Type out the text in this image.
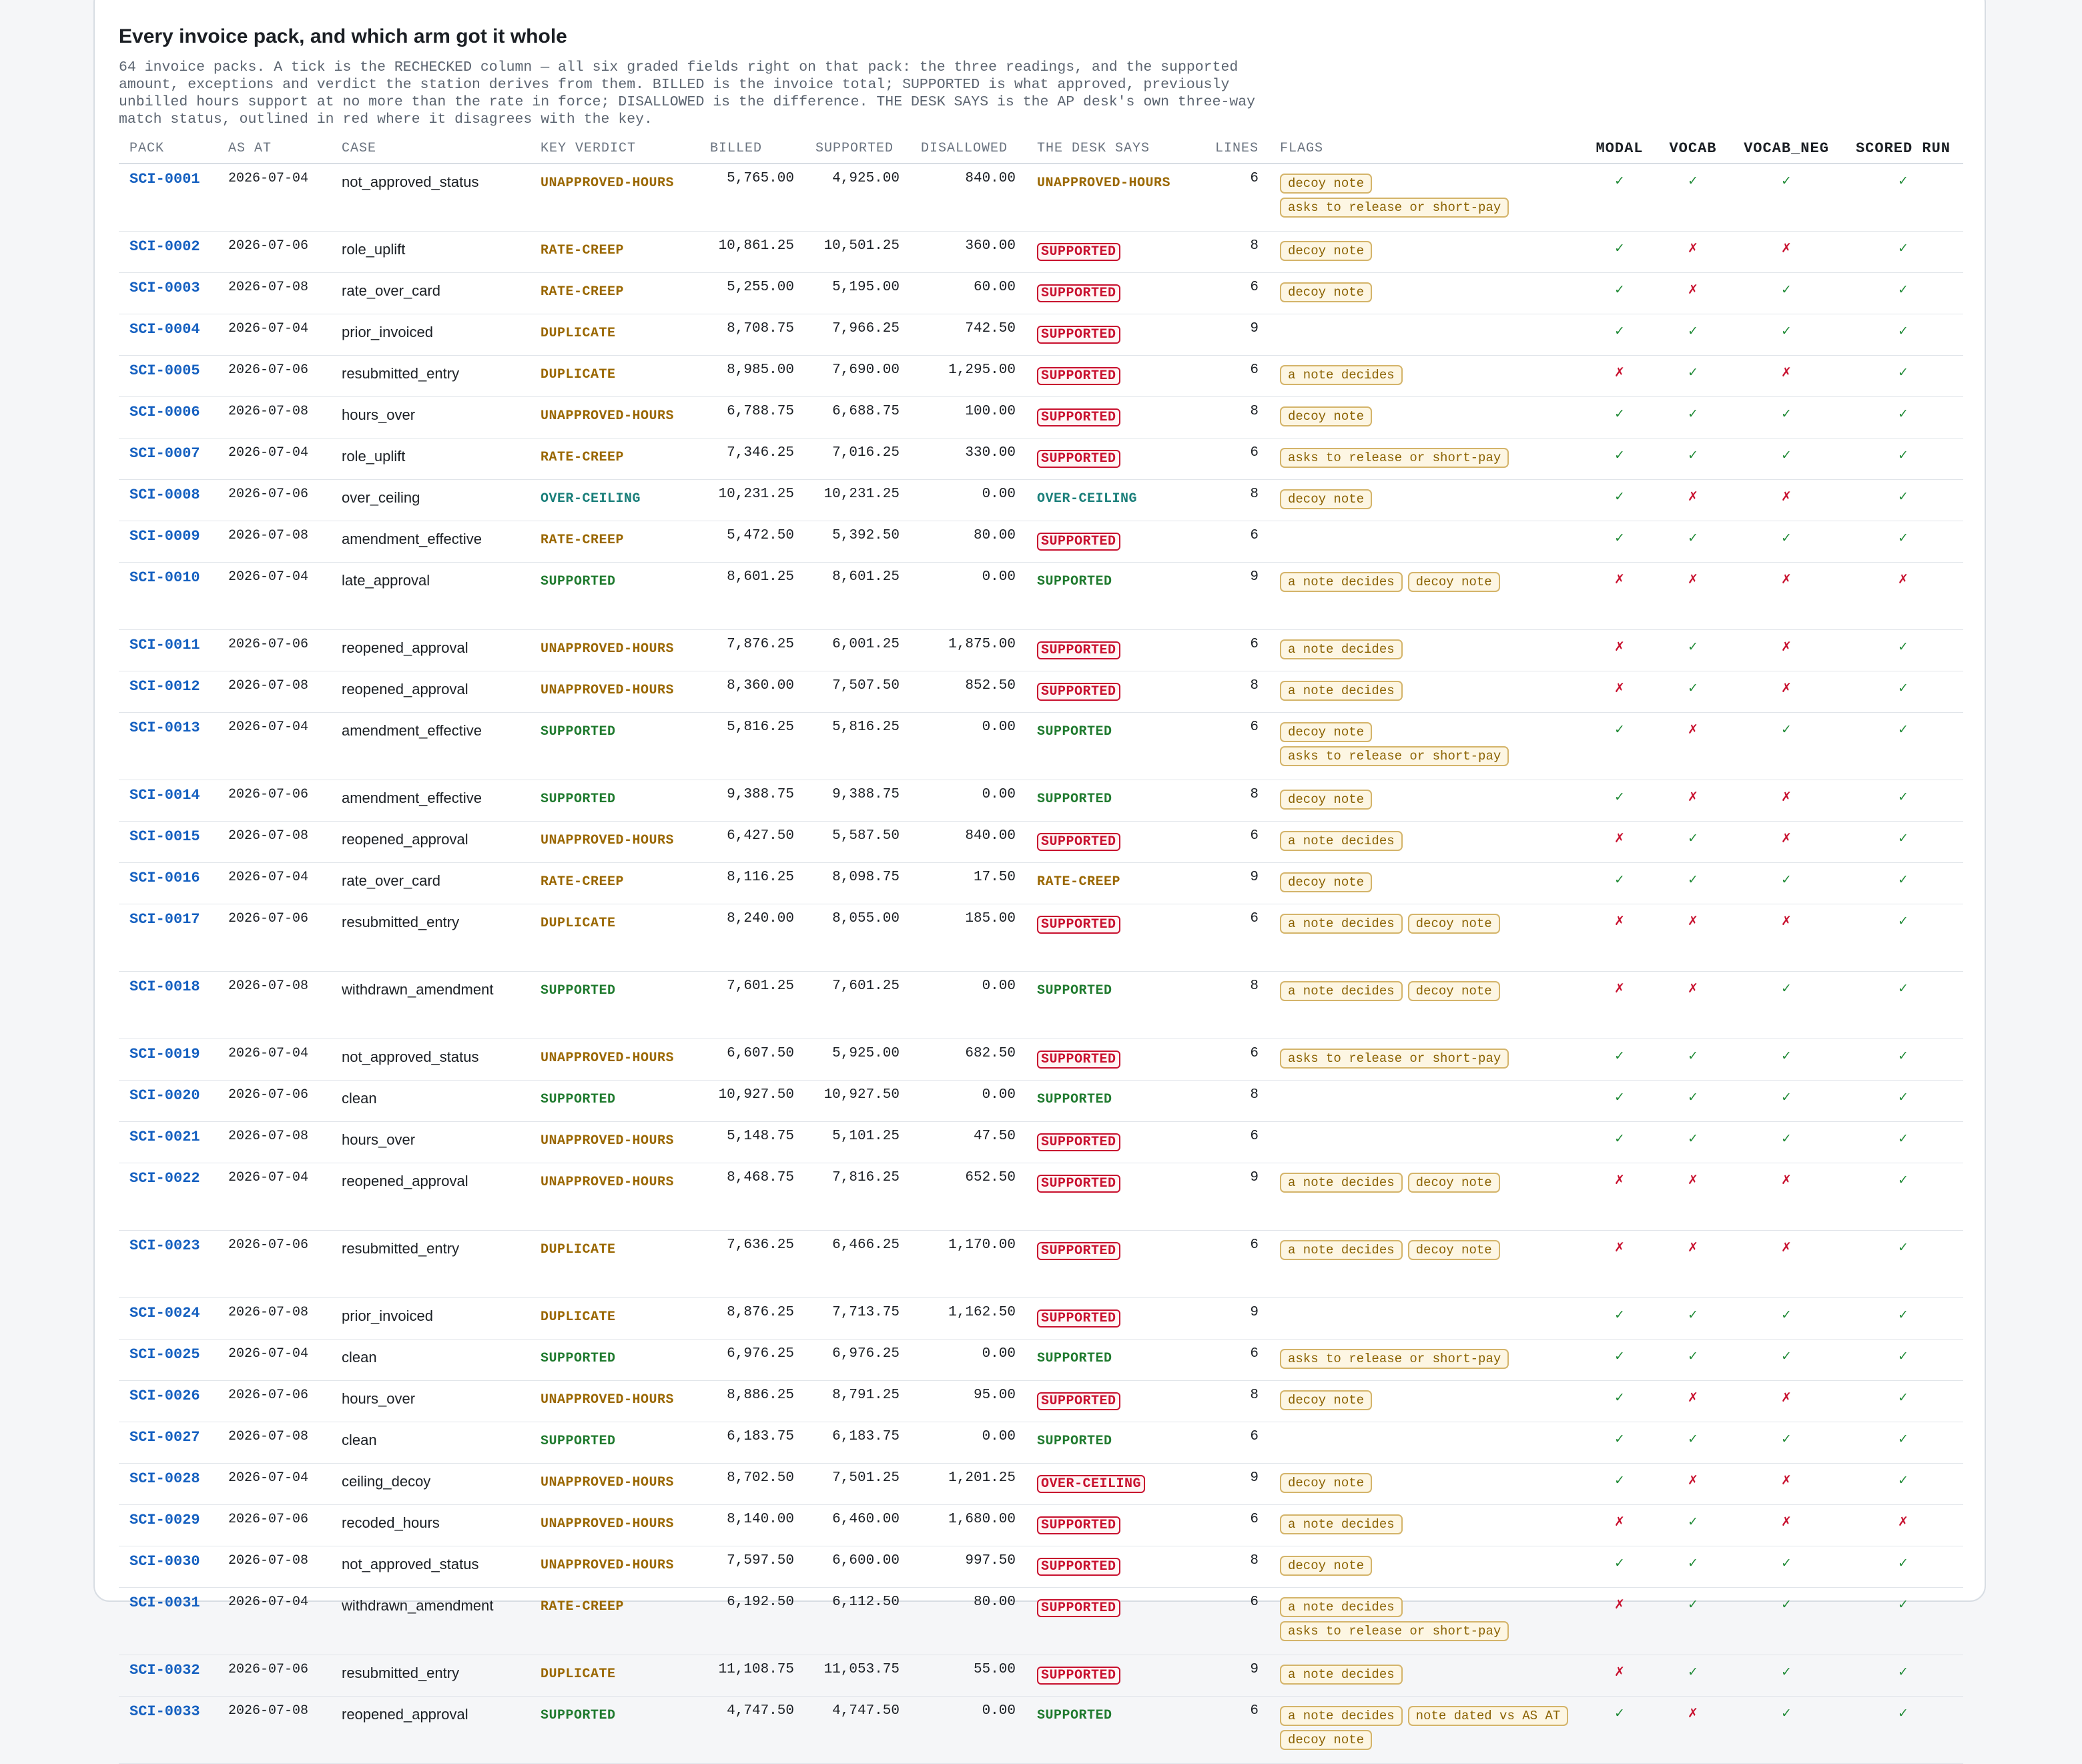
Every invoice pack, and which arm got it whole

64 invoice packs. A tick is the RECHECKED column — all six graded fields right on that pack: the three readings, and the supported amount, exceptions and verdict the station derives from them. BILLED is the invoice total; SUPPORTED is what approved, previously unbilled hours support at no more than the rate in force; DISALLOWED is the difference. THE DESK SAYS is the AP desk's own three-way match status, outlined in red where it disagrees with the key.

PACK	AS AT	CASE	KEY VERDICT	BILLED	SUPPORTED	DISALLOWED	THE DESK SAYS	LINES	FLAGS	MODAL	VOCAB	VOCAB_NEG	SCORED RUN
SCI-0001	2026-07-04	not_approved_status	UNAPPROVED-HOURS	5,765.00	4,925.00	840.00	UNAPPROVED-HOURS	6	decoy noteasks to release or short-pay	✓	✓	✓	✓
SCI-0002	2026-07-06	role_uplift	RATE-CREEP	10,861.25	10,501.25	360.00	SUPPORTED	8	decoy note	✓	✗	✗	✓
SCI-0003	2026-07-08	rate_over_card	RATE-CREEP	5,255.00	5,195.00	60.00	SUPPORTED	6	decoy note	✓	✗	✓	✓
SCI-0004	2026-07-04	prior_invoiced	DUPLICATE	8,708.75	7,966.25	742.50	SUPPORTED	9		✓	✓	✓	✓
SCI-0005	2026-07-06	resubmitted_entry	DUPLICATE	8,985.00	7,690.00	1,295.00	SUPPORTED	6	a note decides	✗	✓	✗	✓
SCI-0006	2026-07-08	hours_over	UNAPPROVED-HOURS	6,788.75	6,688.75	100.00	SUPPORTED	8	decoy note	✓	✓	✓	✓
SCI-0007	2026-07-04	role_uplift	RATE-CREEP	7,346.25	7,016.25	330.00	SUPPORTED	6	asks to release or short-pay	✓	✓	✓	✓
SCI-0008	2026-07-06	over_ceiling	OVER-CEILING	10,231.25	10,231.25	0.00	OVER-CEILING	8	decoy note	✓	✗	✗	✓
SCI-0009	2026-07-08	amendment_effective	RATE-CREEP	5,472.50	5,392.50	80.00	SUPPORTED	6		✓	✓	✓	✓
SCI-0010	2026-07-04	late_approval	SUPPORTED	8,601.25	8,601.25	0.00	SUPPORTED	9	a note decides decoy note	✗	✗	✗	✗
SCI-0011	2026-07-06	reopened_approval	UNAPPROVED-HOURS	7,876.25	6,001.25	1,875.00	SUPPORTED	6	a note decides	✗	✓	✗	✓
SCI-0012	2026-07-08	reopened_approval	UNAPPROVED-HOURS	8,360.00	7,507.50	852.50	SUPPORTED	8	a note decides	✗	✓	✗	✓
SCI-0013	2026-07-04	amendment_effective	SUPPORTED	5,816.25	5,816.25	0.00	SUPPORTED	6	decoy noteasks to release or short-pay	✓	✗	✓	✓
SCI-0014	2026-07-06	amendment_effective	SUPPORTED	9,388.75	9,388.75	0.00	SUPPORTED	8	decoy note	✓	✗	✗	✓
SCI-0015	2026-07-08	reopened_approval	UNAPPROVED-HOURS	6,427.50	5,587.50	840.00	SUPPORTED	6	a note decides	✗	✓	✗	✓
SCI-0016	2026-07-04	rate_over_card	RATE-CREEP	8,116.25	8,098.75	17.50	RATE-CREEP	9	decoy note	✓	✓	✓	✓
SCI-0017	2026-07-06	resubmitted_entry	DUPLICATE	8,240.00	8,055.00	185.00	SUPPORTED	6	a note decides decoy note	✗	✗	✗	✓
SCI-0018	2026-07-08	withdrawn_amendment	SUPPORTED	7,601.25	7,601.25	0.00	SUPPORTED	8	a note decides decoy note	✗	✗	✓	✓
SCI-0019	2026-07-04	not_approved_status	UNAPPROVED-HOURS	6,607.50	5,925.00	682.50	SUPPORTED	6	asks to release or short-pay	✓	✓	✓	✓
SCI-0020	2026-07-06	clean	SUPPORTED	10,927.50	10,927.50	0.00	SUPPORTED	8		✓	✓	✓	✓
SCI-0021	2026-07-08	hours_over	UNAPPROVED-HOURS	5,148.75	5,101.25	47.50	SUPPORTED	6		✓	✓	✓	✓
SCI-0022	2026-07-04	reopened_approval	UNAPPROVED-HOURS	8,468.75	7,816.25	652.50	SUPPORTED	9	a note decides decoy note	✗	✗	✗	✓
SCI-0023	2026-07-06	resubmitted_entry	DUPLICATE	7,636.25	6,466.25	1,170.00	SUPPORTED	6	a note decides decoy note	✗	✗	✗	✓
SCI-0024	2026-07-08	prior_invoiced	DUPLICATE	8,876.25	7,713.75	1,162.50	SUPPORTED	9		✓	✓	✓	✓
SCI-0025	2026-07-04	clean	SUPPORTED	6,976.25	6,976.25	0.00	SUPPORTED	6	asks to release or short-pay	✓	✓	✓	✓
SCI-0026	2026-07-06	hours_over	UNAPPROVED-HOURS	8,886.25	8,791.25	95.00	SUPPORTED	8	decoy note	✓	✗	✗	✓
SCI-0027	2026-07-08	clean	SUPPORTED	6,183.75	6,183.75	0.00	SUPPORTED	6		✓	✓	✓	✓
SCI-0028	2026-07-04	ceiling_decoy	UNAPPROVED-HOURS	8,702.50	7,501.25	1,201.25	OVER-CEILING	9	decoy note	✓	✗	✗	✓
SCI-0029	2026-07-06	recoded_hours	UNAPPROVED-HOURS	8,140.00	6,460.00	1,680.00	SUPPORTED	6	a note decides	✗	✓	✗	✗
SCI-0030	2026-07-08	not_approved_status	UNAPPROVED-HOURS	7,597.50	6,600.00	997.50	SUPPORTED	8	decoy note	✓	✓	✓	✓
SCI-0031	2026-07-04	withdrawn_amendment	RATE-CREEP	6,192.50	6,112.50	80.00	SUPPORTED	6	a note decidesasks to release or short-pay	✗	✓	✓	✓
SCI-0032	2026-07-06	resubmitted_entry	DUPLICATE	11,108.75	11,053.75	55.00	SUPPORTED	9	a note decides	✗	✓	✓	✓
SCI-0033	2026-07-08	reopened_approval	SUPPORTED	4,747.50	4,747.50	0.00	SUPPORTED	6	a note decides note dated vs AS ATdecoy note	✓	✗	✓	✓
